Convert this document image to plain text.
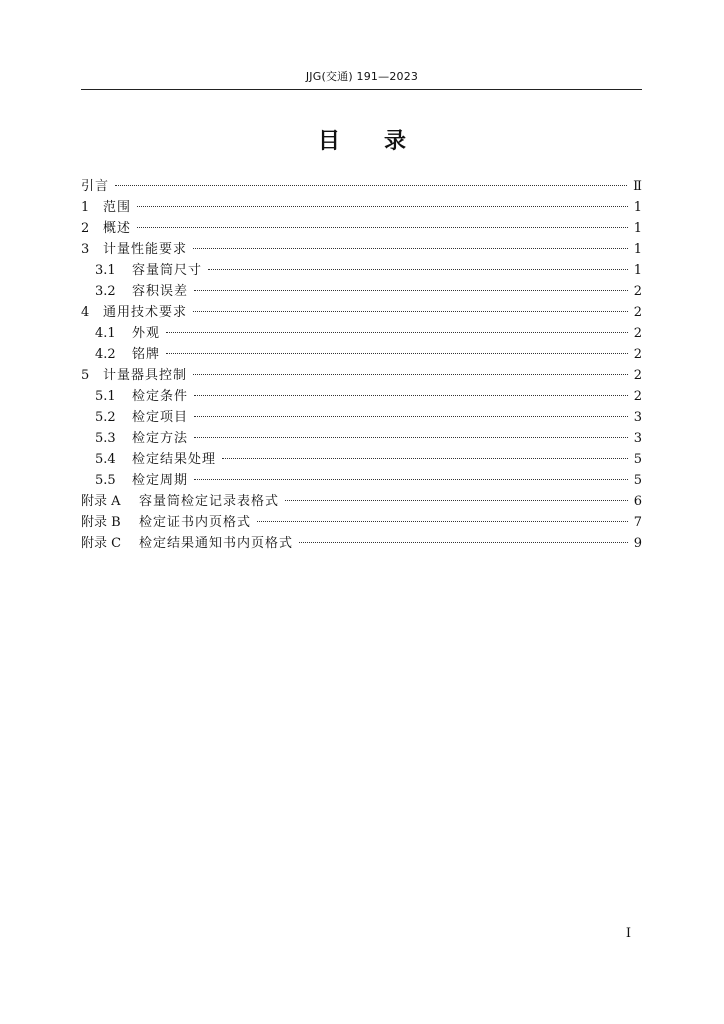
JJG(交通) 191—2023
目录
引言	Ⅱ
1	范围	1
2	概述	1
3	计量性能要求	1
3.1	容量筒尺寸	1
3.2	容积误差	2
4	通用技术要求	2
4.1	外观	2
4.2	铭牌	2
5	计量器具控制	2
5.1	检定条件	2
5.2	检定项目	3
5.3	检定方法	3
5.4	检定结果处理	5
5.5	检定周期	5
附录 A	容量筒检定记录表格式	6
附录 B	检定证书内页格式	7
附录 C	检定结果通知书内页格式	9
I
